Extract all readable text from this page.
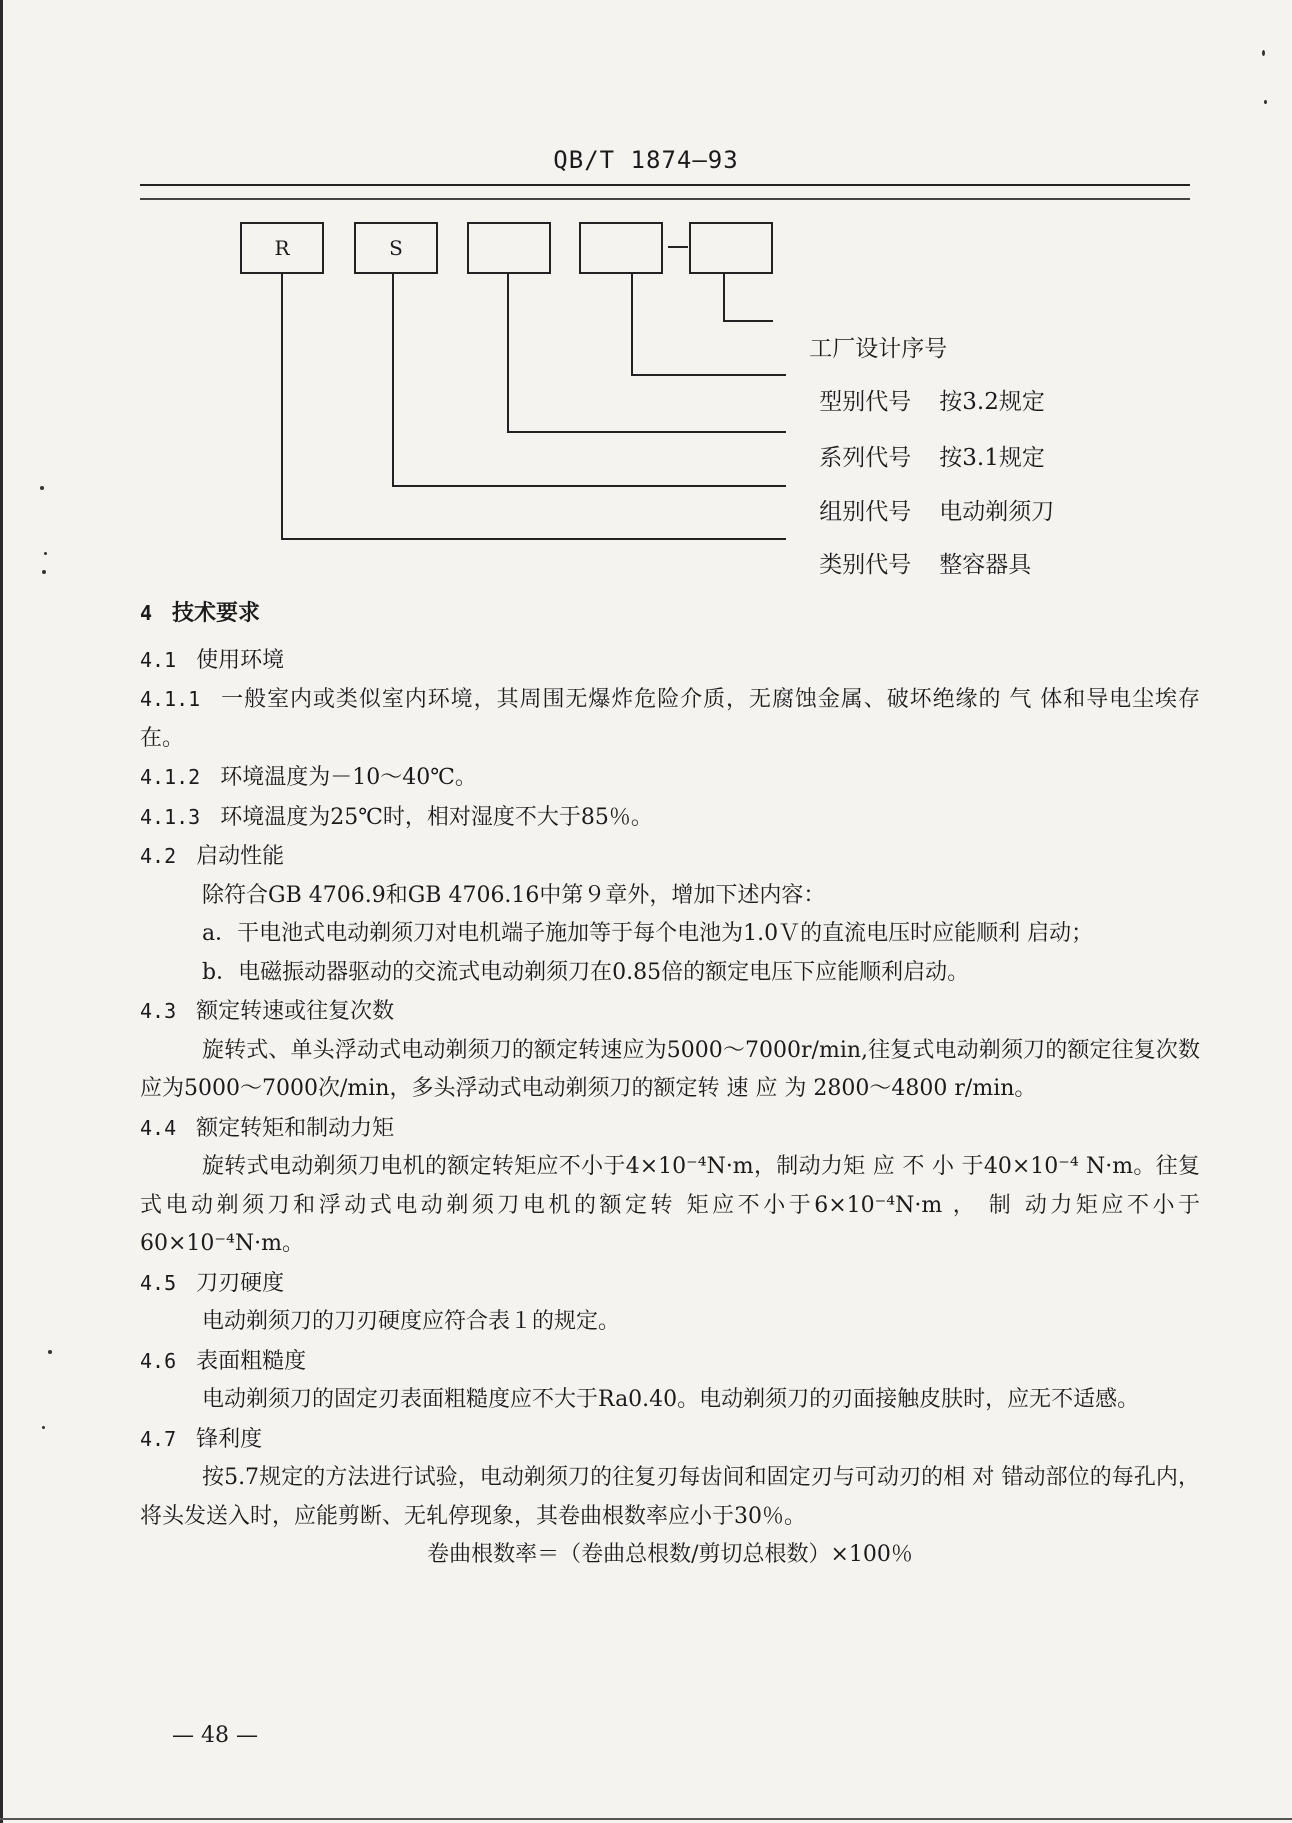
QB/T 1874—93
R	S

工厂设计序号

型别代号 按3.2规定

系列代号 按3.1规定

组别代号 电动剃须刀

类别代号 整容器具

4 技术要求

4.1 使用环境

4.1.1 一般室内或类似室内环境，其周围无爆炸危险介质，无腐蚀金属、破坏绝缘的 气 体和导电尘埃存在。

4.1.2 环境温度为－10～40℃。

4.1.3 环境温度为25℃时，相对湿度不大于85％。

4.2 启动性能

除符合GB 4706.9和GB 4706.16中第９章外，增加下述内容：

a．干电池式电动剃须刀对电机端子施加等于每个电池为1.0Ｖ的直流电压时应能顺利 启动；

b．电磁振动器驱动的交流式电动剃须刀在0.85倍的额定电压下应能顺利启动。

4.3 额定转速或往复次数

旋转式、单头浮动式电动剃须刀的额定转速应为5000～7000r/min,往复式电动剃须刀的额定往复次数应为5000～7000次/min，多头浮动式电动剃须刀的额定转 速 应 为 2800～4800 r/min。

4.4 额定转矩和制动力矩

旋转式电动剃须刀电机的额定转矩应不小于4×10⁻⁴N·m，制动力矩 应 不 小 于40×10⁻⁴ N·m。往复式电动剃须刀和浮动式电动剃须刀电机的额定转 矩应不小于6×10⁻⁴N·m ， 制 动力矩应不小于60×10⁻⁴N·m。

4.5 刀刃硬度

电动剃须刀的刀刃硬度应符合表１的规定。

4.6 表面粗糙度

电动剃须刀的固定刃表面粗糙度应不大于Ra0.40。电动剃须刀的刃面接触皮肤时，应无不适感。

4.7 锋利度

按5.7规定的方法进行试验，电动剃须刀的往复刃每齿间和固定刃与可动刃的相 对 错动部位的每孔内，将头发送入时，应能剪断、无轧停现象，其卷曲根数率应小于30％。

卷曲根数率＝（卷曲总根数/剪切总根数）×100％

— 48 —
